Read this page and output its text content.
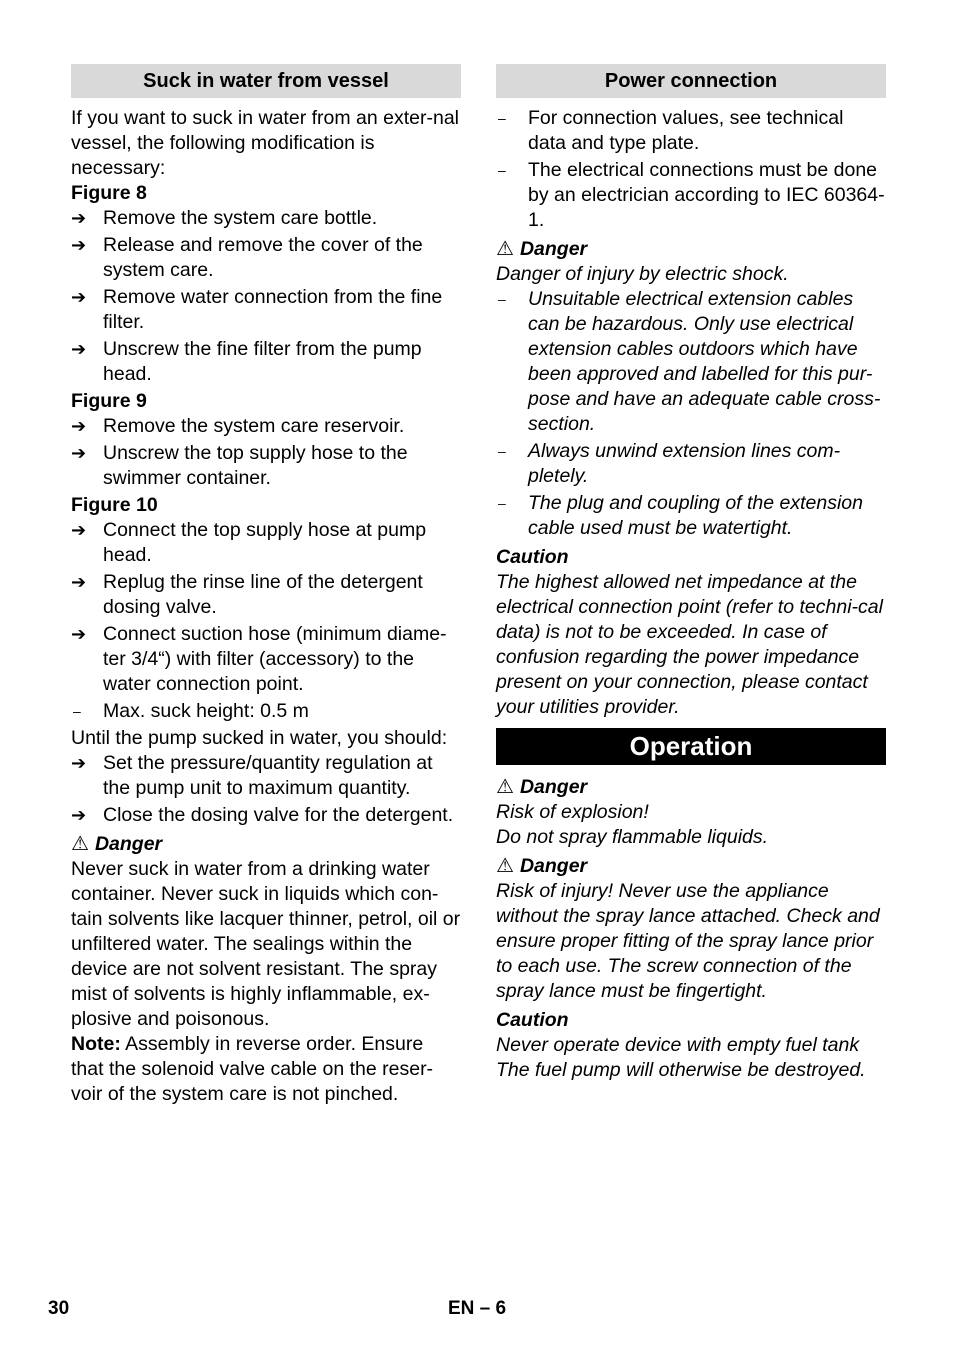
Suck in water from vessel

If you want to suck in water from an exter-nal vessel, the following modification is necessary:

Figure 8

➔ Remove the system care bottle.
➔ Release and remove the cover of the system care.
➔ Remove water connection from the fine filter.
➔ Unscrew the fine filter from the pump head.

Figure 9

➔ Remove the system care reservoir.
➔ Unscrew the top supply hose to the swimmer container.

Figure 10

➔ Connect the top supply hose at pump head.
➔ Replug the rinse line of the detergent dosing valve.
➔ Connect suction hose (minimum diame-ter 3/4“) with filter (accessory) to the water connection point.
–	Max. suck height: 0.5 m

Until the pump sucked in water, you should:

➔ Set the pressure/quantity regulation at the pump unit to maximum quantity.
➔ Close the dosing valve for the detergent.

⚠ Danger

Never suck in water from a drinking water container. Never suck in liquids which con-tain solvents like lacquer thinner, petrol, oil or unfiltered water. The sealings within the device are not solvent resistant. The spray mist of solvents is highly inflammable, ex-plosive and poisonous.

Note: Assembly in reverse order. Ensure that the solenoid valve cable on the reser-voir of the system care is not pinched.

Power connection
–	For connection values, see technical data and type plate.
–	The electrical connections must be done by an electrician according to IEC 60364-1.

⚠ Danger

Danger of injury by electric shock.

–	Unsuitable electrical extension cables can be hazardous. Only use electrical extension cables outdoors which have been approved and labelled for this pur-pose and have an adequate cable cross-section.
–	Always unwind extension lines com-pletely.
–	The plug and coupling of the extension cable used must be watertight.

Caution

The highest allowed net impedance at the electrical connection point (refer to techni-cal data) is not to be exceeded. In case of confusion regarding the power impedance present on your connection, please contact your utilities provider.

Operation

⚠ Danger

Risk of explosion!

Do not spray flammable liquids.

⚠ Danger

Risk of injury! Never use the appliance without the spray lance attached. Check and ensure proper fitting of the spray lance prior to each use. The screw connection of the spray lance must be fingertight.

Caution

Never operate device with empty fuel tank The fuel pump will otherwise be destroyed.

30	EN – 6
